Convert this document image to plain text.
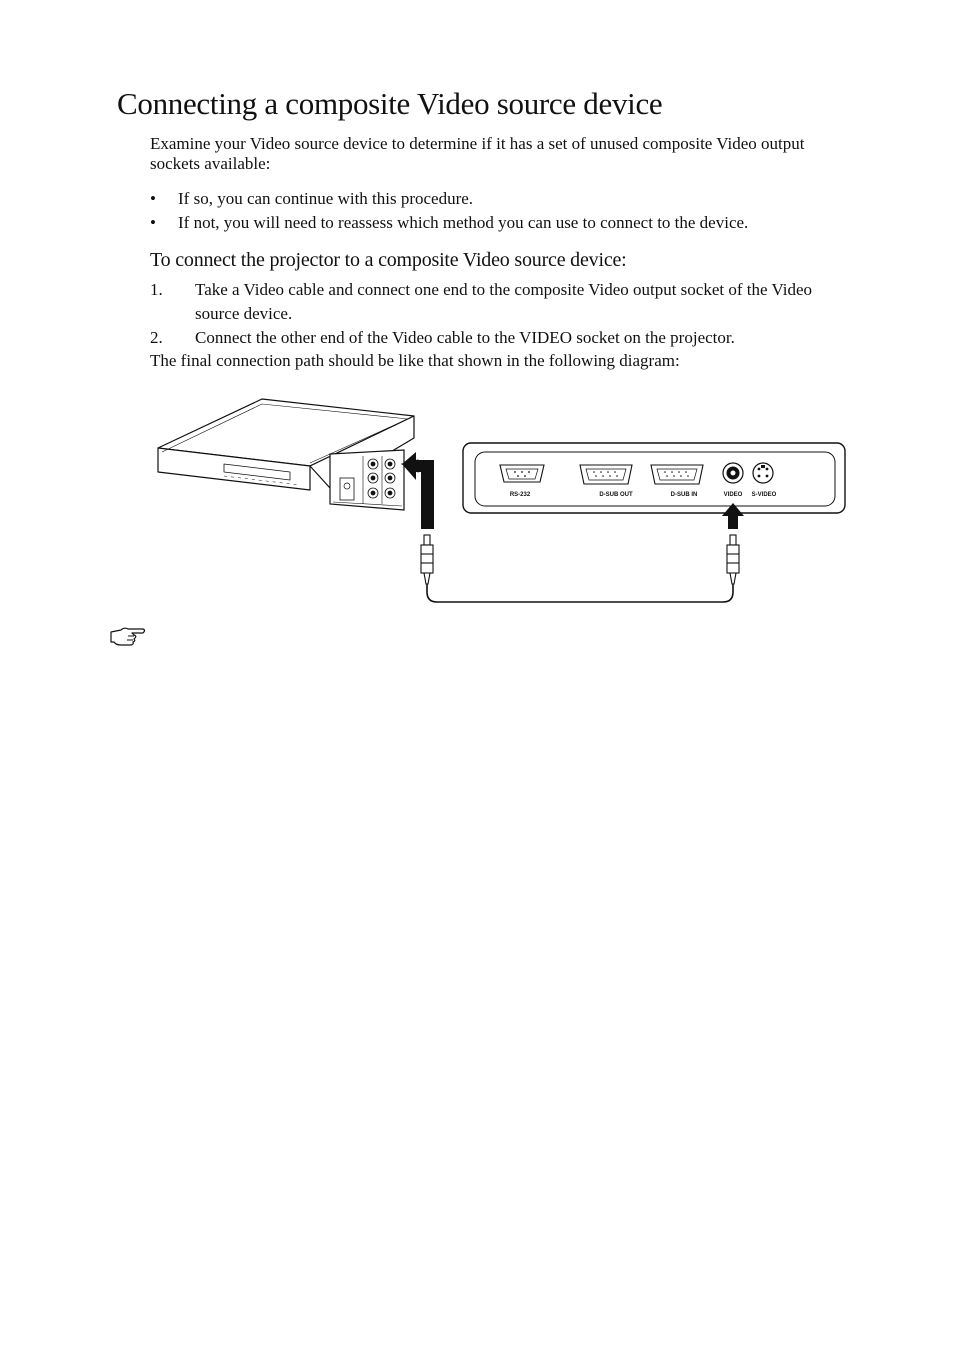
Connecting a composite Video source device

Examine your Video source device to determine if it has a set of unused composite Video output sockets available:

• If so, you can continue with this procedure.
• If not, you will need to reassess which method you can use to connect to the device.
To connect the projector to a composite Video source device:
1. Take a Video cable and connect one end to the composite Video output socket of the Video source device.
2. Connect the other end of the Video cable to the VIDEO socket on the projector.

The final connection path should be like that shown in the following diagram:

RS-232	D-SUB OUT	D-SUB IN	VIDEO S-VIDEO
